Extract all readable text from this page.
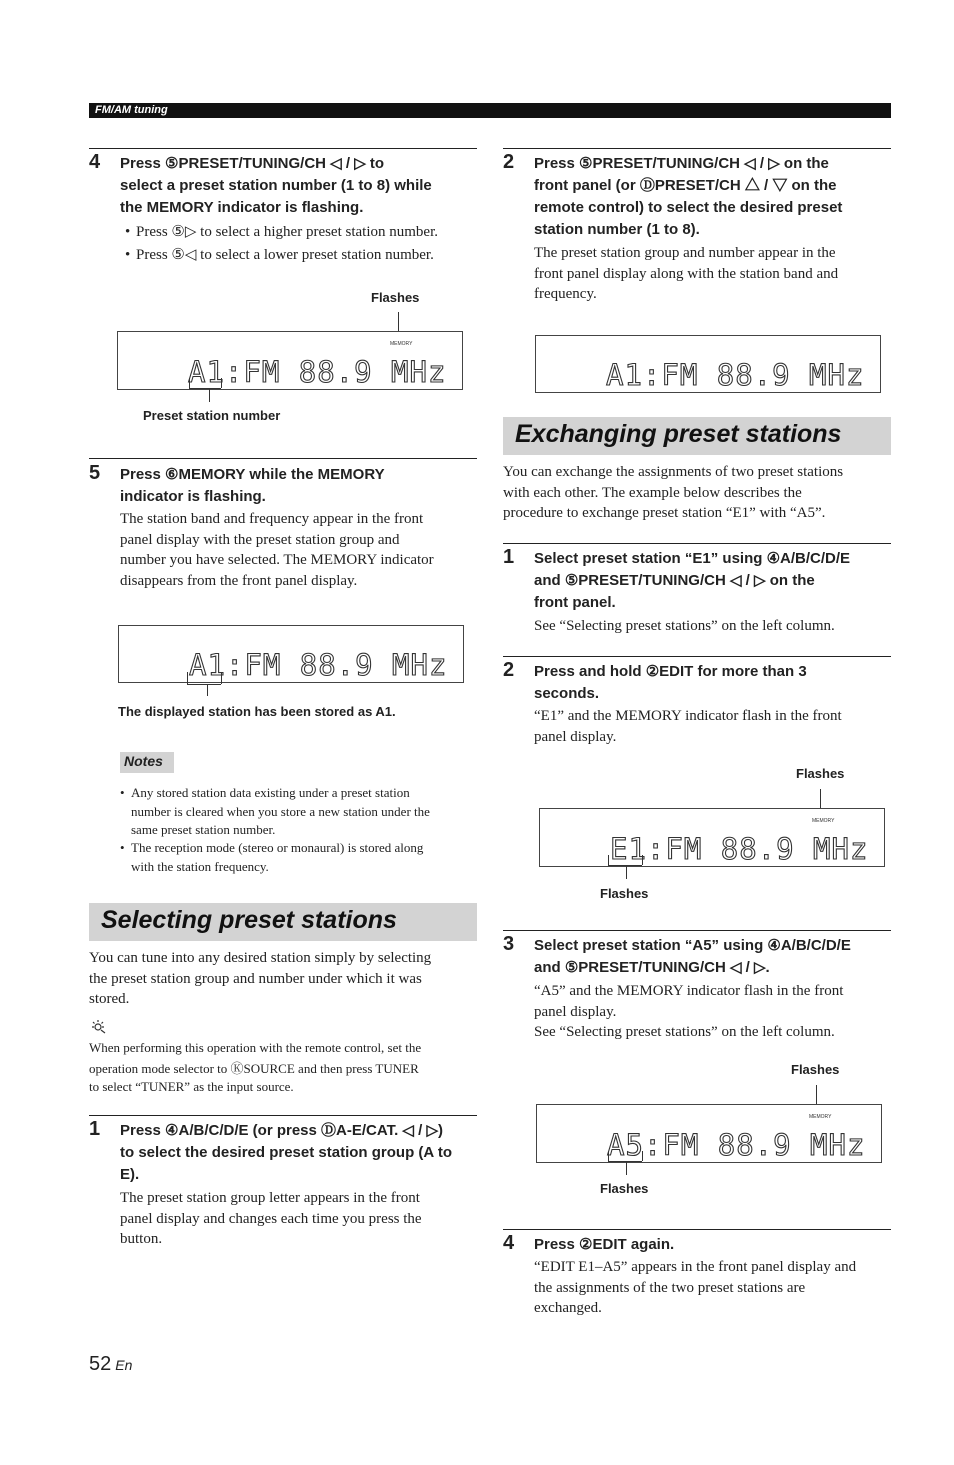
FM/AM tuning
4 Press ⑤PRESET/TUNING/CH ◁ / ▷ to
select a preset station number (1 to 8) while
the MEMORY indicator is flashing.
• Press ⑤▷ to select a higher preset station number.
• Press ⑤◁ to select a lower preset station number.
Flashes
MEMORY
A1:FM 88.9 MHz
Preset station number
5 Press ⑥MEMORY while the MEMORY
indicator is flashing.
The station band and frequency appear in the front
panel display with the preset station group and
number you have selected. The MEMORY indicator
disappears from the front panel display.
A1:FM 88.9 MHz
The displayed station has been stored as A1.
Notes
• Any stored station data existing under a preset station
number is cleared when you store a new station under the
same preset station number.
• The reception mode (stereo or monaural) is stored along
with the station frequency.
Selecting preset stations
You can tune into any desired station simply by selecting
the preset station group and number under which it was
stored.
When performing this operation with the remote control, set the
operation mode selector to ⓀSOURCE and then press TUNER
to select “TUNER” as the input source.
1 Press ④A/B/C/D/E (or press ⒹA-E/CAT. ◁ / ▷)
to select the desired preset station group (A to
E).
The preset station group letter appears in the front
panel display and changes each time you press the
button.
2 Press ⑤PRESET/TUNING/CH ◁ / ▷ on the
front panel (or ⒹPRESET/CH △ / ▽ on the
remote control) to select the desired preset
station number (1 to 8).
The preset station group and number appear in the
front panel display along with the station band and
frequency.
A1:FM 88.9 MHz
Exchanging preset stations
You can exchange the assignments of two preset stations
with each other. The example below describes the
procedure to exchange preset station “E1” with “A5”.
1 Select preset station “E1” using ④A/B/C/D/E
and ⑤PRESET/TUNING/CH ◁ / ▷ on the
front panel.
See “Selecting preset stations” on the left column.
2 Press and hold ②EDIT for more than 3
seconds.
“E1” and the MEMORY indicator flash in the front
panel display.
Flashes
MEMORY
E1:FM 88.9 MHz
Flashes
3 Select preset station “A5” using ④A/B/C/D/E
and ⑤PRESET/TUNING/CH ◁ / ▷.
“A5” and the MEMORY indicator flash in the front
panel display.
See “Selecting preset stations” on the left column.
Flashes
MEMORY
A5:FM 88.9 MHz
Flashes
4 Press ②EDIT again.
“EDIT E1–A5” appears in the front panel display and
the assignments of the two preset stations are
exchanged.
52 En
